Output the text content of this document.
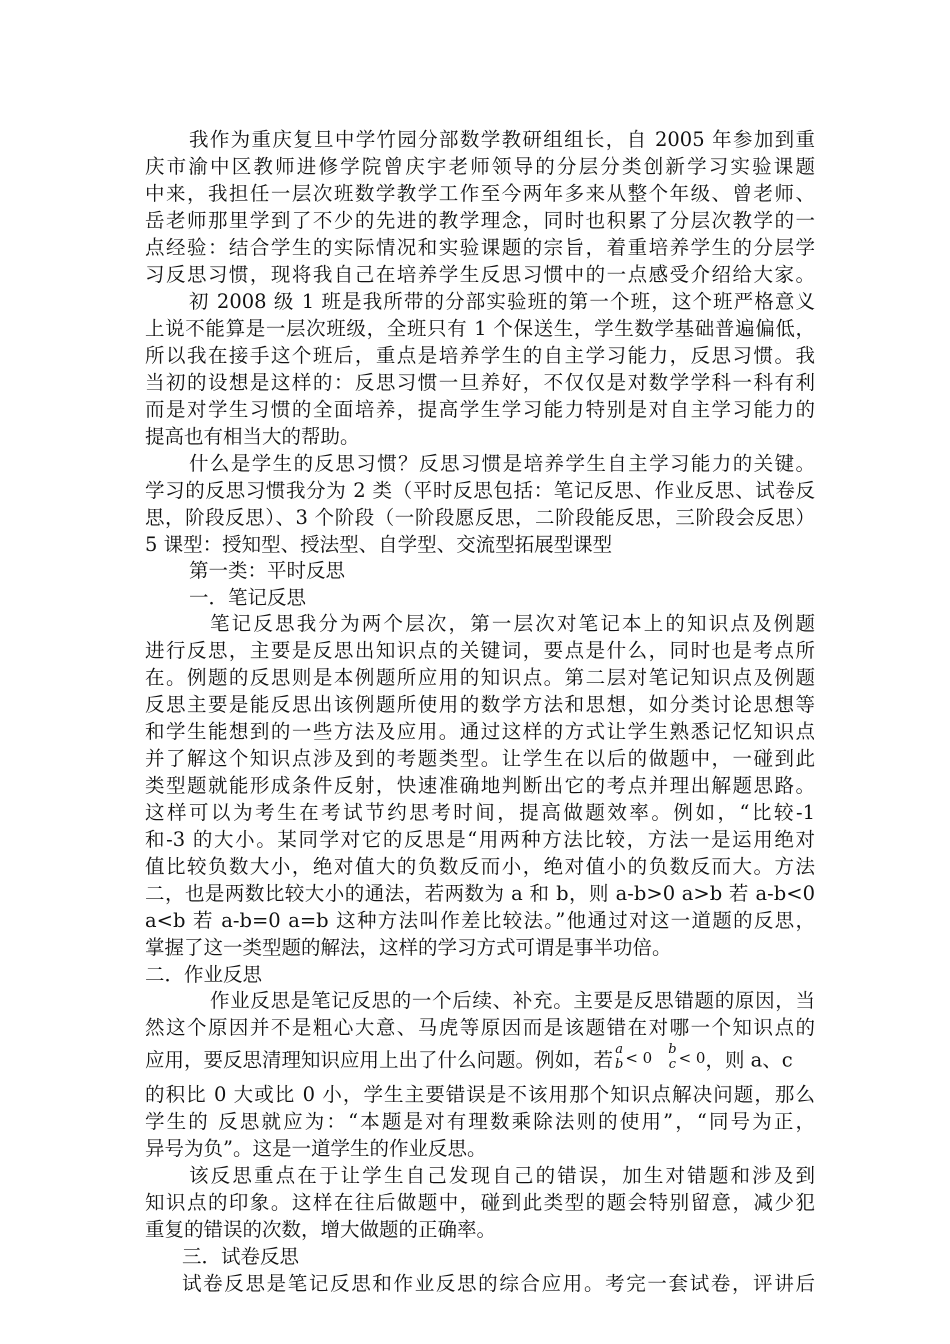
我作为重庆复旦中学竹园分部数学教研组组长，自 2005 年参加到重
庆市渝中区教师进修学院曾庆宇老师领导的分层分类创新学习实验课题
中来，我担任一层次班数学教学工作至今两年多来从整个年级、曾老师、
岳老师那里学到了不少的先进的教学理念，同时也积累了分层次教学的一
点经验：结合学生的实际情况和实验课题的宗旨，着重培养学生的分层学
习反思习惯，现将我自己在培养学生反思习惯中的一点感受介绍给大家。
初 2008 级 1 班是我所带的分部实验班的第一个班，这个班严格意义
上说不能算是一层次班级，全班只有 1 个保送生，学生数学基础普遍偏低，
所以我在接手这个班后，重点是培养学生的自主学习能力，反思习惯。我
当初的设想是这样的：反思习惯一旦养好，不仅仅是对数学学科一科有利
而是对学生习惯的全面培养，提高学生学习能力特别是对自主学习能力的
提高也有相当大的帮助。
什么是学生的反思习惯？反思习惯是培养学生自主学习能力的关键。
学习的反思习惯我分为 2 类（平时反思包括：笔记反思、作业反思、试卷反
思，阶段反思）、3 个阶段（一阶段愿反思，二阶段能反思，三阶段会反思）
5 课型：授知型、授法型、自学型、交流型拓展型课型
第一类：平时反思
一．笔记反思
笔记反思我分为两个层次，第一层次对笔记本上的知识点及例题
进行反思，主要是反思出知识点的关键词，要点是什么，同时也是考点所
在。例题的反思则是本例题所应用的知识点。第二层对笔记知识点及例题
反思主要是能反思出该例题所使用的数学方法和思想，如分类讨论思想等
和学生能想到的一些方法及应用。通过这样的方式让学生熟悉记忆知识点
并了解这个知识点涉及到的考题类型。让学生在以后的做题中，一碰到此
类型题就能形成条件反射，快速准确地判断出它的考点并理出解题思路。
这样可以为考生在考试节约思考时间，提高做题效率。例如，“比较-1
和-3 的大小。某同学对它的反思是“用两种方法比较，方法一是运用绝对
值比较负数大小，绝对值大的负数反而小，绝对值小的负数反而大。方法
二，也是两数比较大小的通法，若两数为 a 和 b，则 a-b>0 a>b 若 a-b<0
a<b 若 a-b=0 a=b 这种方法叫作差比较法。”他通过对这一道题的反思，
掌握了这一类型题的解法，这样的学习方式可谓是事半功倍。
二．作业反思
作业反思是笔记反思的一个后续、补充。主要是反思错题的原因，当
然这个原因并不是粗心大意、马虎等原因而是该题错在对哪一个知识点的
应用，要反思清理知识应用上出了什么问题。例如，若 a
b $^{< 0}$ b
c $^{< 0}$，则 a、c
的积比 0 大或比 0 小，学生主要错误是不该用那个知识点解决问题，那么
学生的 反思就应为：“本题是对有理数乘除法则的使用”，“同号为正，
异号为负”。这是一道学生的作业反思。
该反思重点在于让学生自己发现自己的错误，加生对错题和涉及到
知识点的印象。这样在往后做题中，碰到此类型的题会特别留意，减少犯
重复的错误的次数，增大做题的正确率。
三．试卷反思
试卷反思是笔记反思和作业反思的综合应用。考完一套试卷，评讲后
